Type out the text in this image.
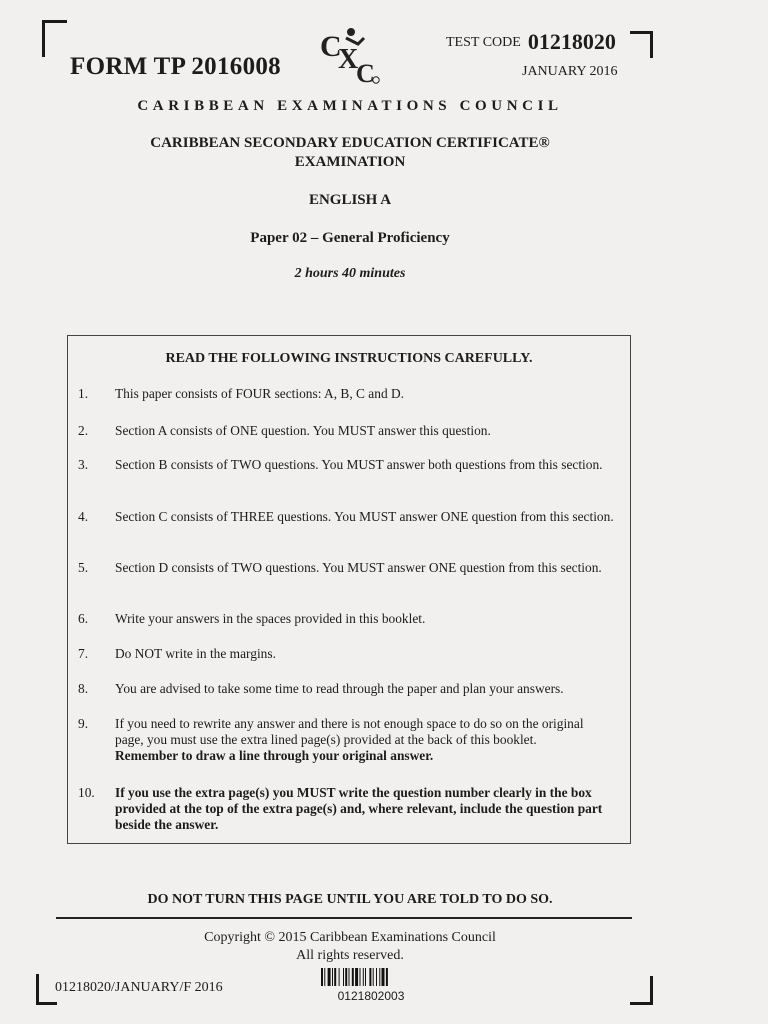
FORM TP 2016008
C
X
C
TEST CODE 01218020
JANUARY 2016
CARIBBEAN EXAMINATIONS COUNCIL
CARIBBEAN SECONDARY EDUCATION CERTIFICATE®
EXAMINATION
ENGLISH A
Paper 02 – General Proficiency
2 hours 40 minutes
READ THE FOLLOWING INSTRUCTIONS CAREFULLY.
1.	This paper consists of FOUR sections: A, B, C and D.
2.	Section A consists of ONE question. You MUST answer this question.
3.	Section B consists of TWO questions. You MUST answer both questions from this section.
4.	Section C consists of THREE questions. You MUST answer ONE question from this section.
5.	Section D consists of TWO questions. You MUST answer ONE question from this section.
6.	Write your answers in the spaces provided in this booklet.
7.	Do NOT write in the margins.
8.	You are advised to take some time to read through the paper and plan your answers.
9.	If you need to rewrite any answer and there is not enough space to do so on the original page, you must use the extra lined page(s) provided at the back of this booklet.
Remember to draw a line through your original answer.
10.	If you use the extra page(s) you MUST write the question number clearly in the box provided at the top of the extra page(s) and, where relevant, include the question part beside the answer.
DO NOT TURN THIS PAGE UNTIL YOU ARE TOLD TO DO SO.
Copyright © 2015 Caribbean Examinations Council
All rights reserved.
01218020/JANUARY/F 2016
0121802003
